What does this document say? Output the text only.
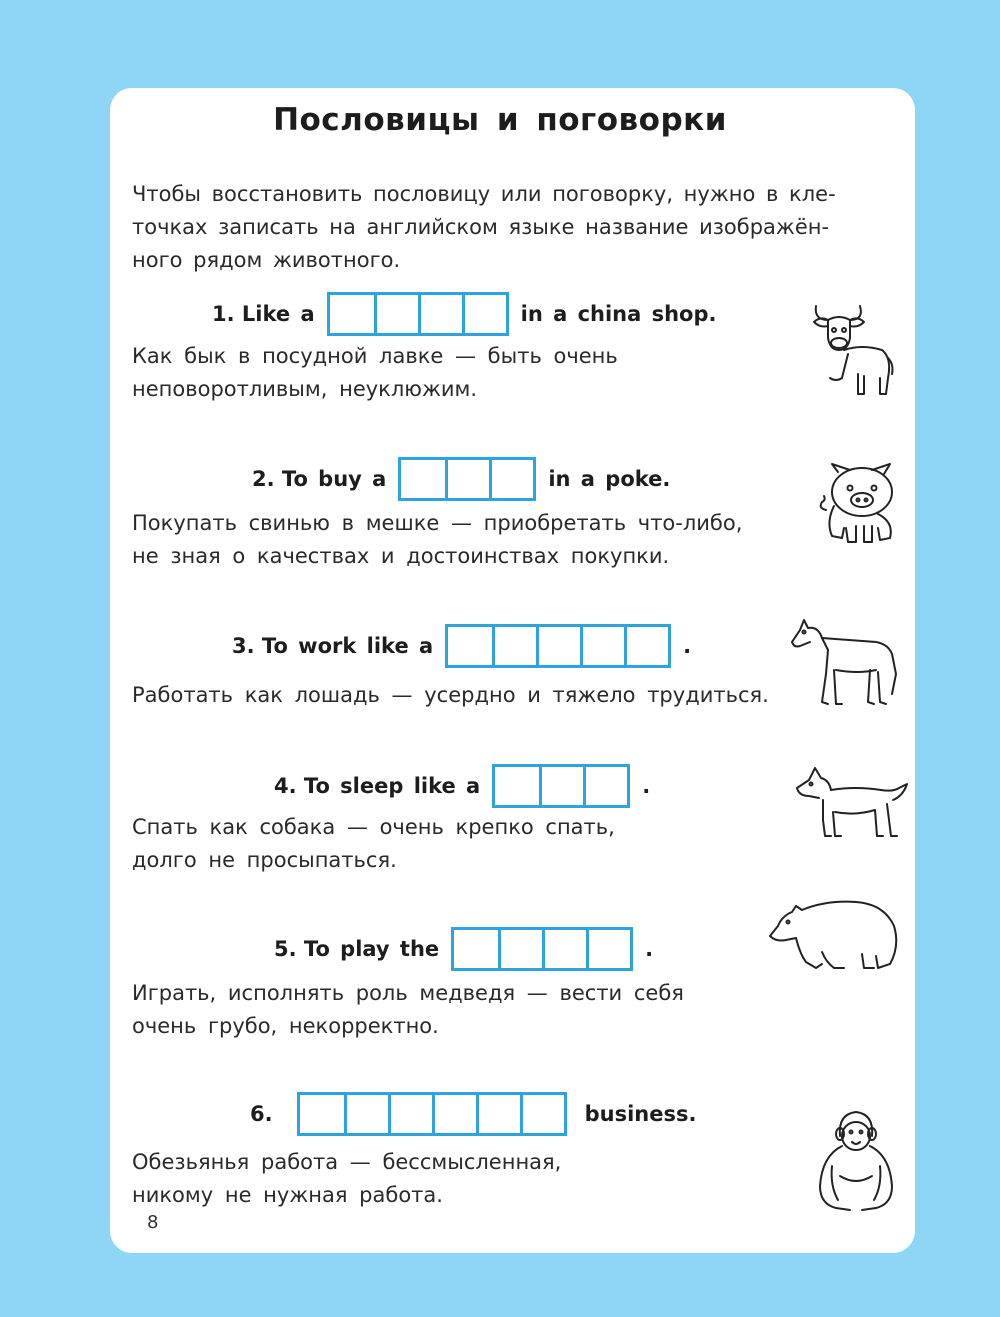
Пословицы и поговорки
Чтобы восстановить пословицу или поговорку, нужно в кле-
точках записать на английском языке название изображён-
ного рядом животного.
1.
Like a	in a china shop.
Как бык в посудной лавке — быть очень
неповоротливым, неуклюжим.
2.
To buy a	in a poke.
Покупать свинью в мешке — приобретать что-либо,
не зная о качествах и достоинствах покупки.
3.
To work like a	.
Работать как лошадь — усердно и тяжело трудиться.
4.
To sleep like a	.
Спать как собака — очень крепко спать,
долго не просыпаться.
5.
To play the	.
Играть, исполнять роль медведя — вести себя
очень грубо, некорректно.
6.	business.
Обезьянья работа — бессмысленная,
никому не нужная работа.
8
